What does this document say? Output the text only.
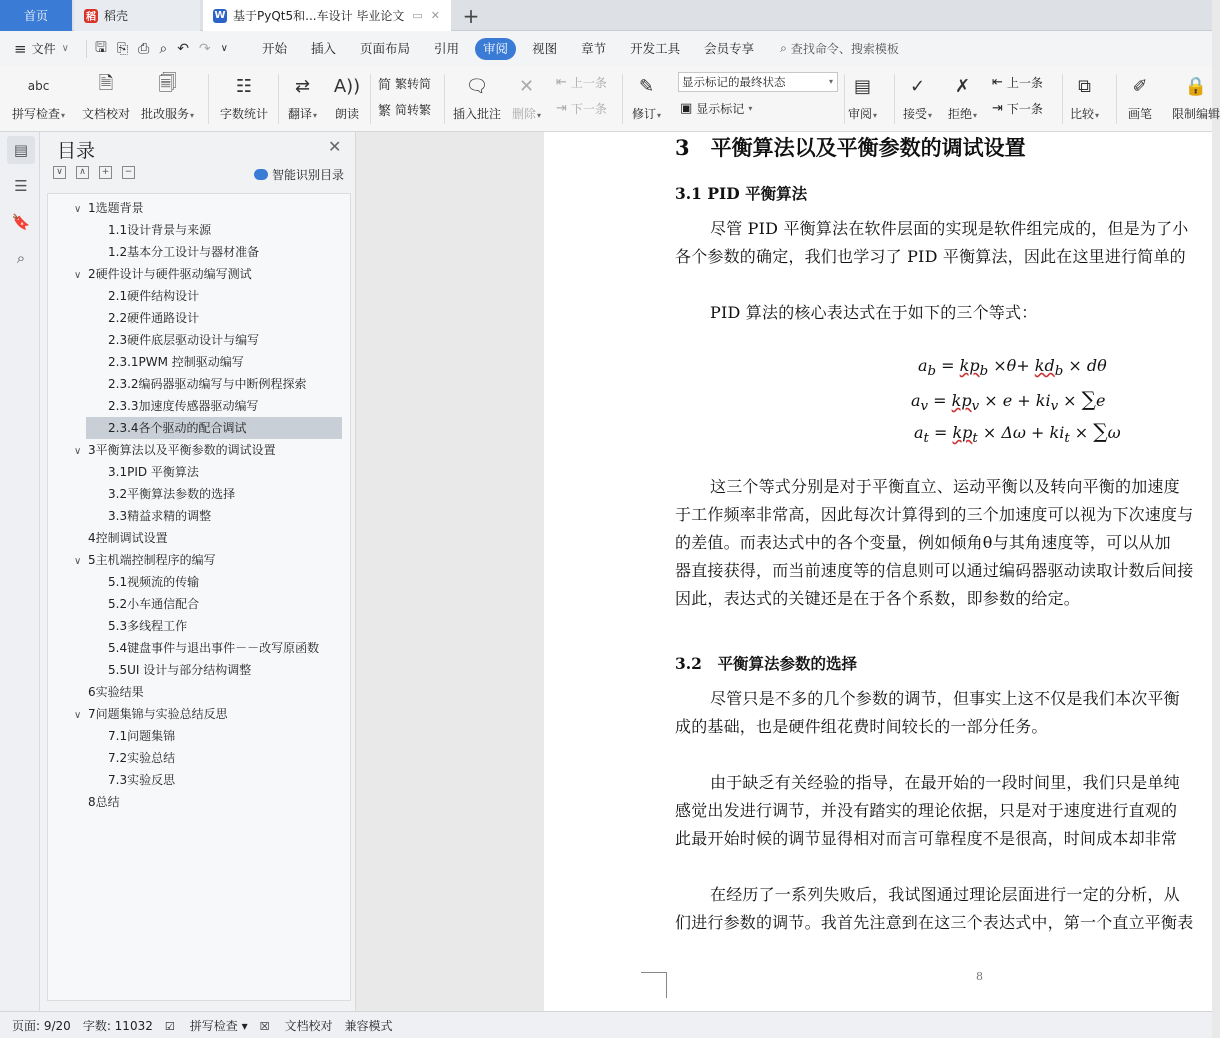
首页	稻 稻壳	W 基于PyQt5和...车设计 毕业论文 ▭ ✕ +
≡ 文件 ∨ 🖫 ⎘ ⎙ ⌕ ↶ ↷ ∨	开始	插入	页面布局	引用	审阅	视图	章节	开发工具	会员专享	⌕ 查找命令、搜索模板
abc
拼写检查▾
🗎
文档校对
🗐
批改服务▾
☷
字数统计
⇄
翻译▾
A))
朗读
简 繁转简
繁 简转繁
🗨
插入批注
✕
删除▾
⇤ 上一条
⇥ 下一条
✎
修订▾ ▣ 显示标记 ▾
▤
审阅▾
✓
接受▾
✗
拒绝▾
⇤ 上一条
⇥ 下一条
⧉
比较▾
✐
画笔
🔒
限制编辑
显示标记的最终状态	▾
▤
☰
🔖
⌕
目录	✕
∨	∧	+	−	智能识别目录
∨ 1选题背景
1.1设计背景与来源
1.2基本分工设计与器材准备
∨ 2硬件设计与硬件驱动编写测试
2.1硬件结构设计
2.2硬件通路设计
2.3硬件底层驱动设计与编写
2.3.1PWM 控制驱动编写
2.3.2编码器驱动编写与中断例程探索
2.3.3加速度传感器驱动编写
2.3.4各个驱动的配合调试
∨ 3平衡算法以及平衡参数的调试设置
3.1PID 平衡算法
3.2平衡算法参数的选择
3.3精益求精的调整
4控制调试设置
∨ 5主机端控制程序的编写
5.1视频流的传输
5.2小车通信配合
5.3多线程工作
5.4键盘事件与退出事件－－改写原函数
5.5UI 设计与部分结构调整
6实验结果
∨ 7问题集锦与实验总结反思
7.1问题集锦
7.2实验总结
7.3实验反思
8总结
3　平衡算法以及平衡参数的调试设置
3.1 PID 平衡算法
尽管 PID 平衡算法在软件层面的实现是软件组完成的，但是为了小
各个参数的确定，我们也学习了 PID 平衡算法，因此在这里进行简单的
PID 算法的核心表达式在于如下的三个等式：
$a_b = kp_b \times\theta+ kd_b \times d\theta$
$a_v = kp_v \times e + ki_v \times \sum e$
$a_t = kp_t \times \Delta\omega + ki_t \times \sum\omega$
这三个等式分别是对于平衡直立、运动平衡以及转向平衡的加速度
于工作频率非常高，因此每次计算得到的三个加速度可以视为下次速度与
的差值。而表达式中的各个变量，例如倾角θ与其角速度等，可以从加
器直接获得，而当前速度等的信息则可以通过编码器驱动读取计数后间接
因此，表达式的关键还是在于各个系数，即参数的给定。
3.2　平衡算法参数的选择
尽管只是不多的几个参数的调节，但事实上这不仅是我们本次平衡
成的基础，也是硬件组花费时间较长的一部分任务。
由于缺乏有关经验的指导，在最开始的一段时间里，我们只是单纯
感觉出发进行调节，并没有踏实的理论依据，只是对于速度进行直观的
此最开始时候的调节显得相对而言可靠程度不是很高，时间成本却非常
在经历了一系列失败后，我试图通过理论层面进行一定的分析，从
们进行参数的调节。我首先注意到在这三个表达式中，第一个直立平衡表
8
页面: 9/20 字数: 11032 ☑ 拼写检查 ▾ ☒ 文档校对 兼容模式
